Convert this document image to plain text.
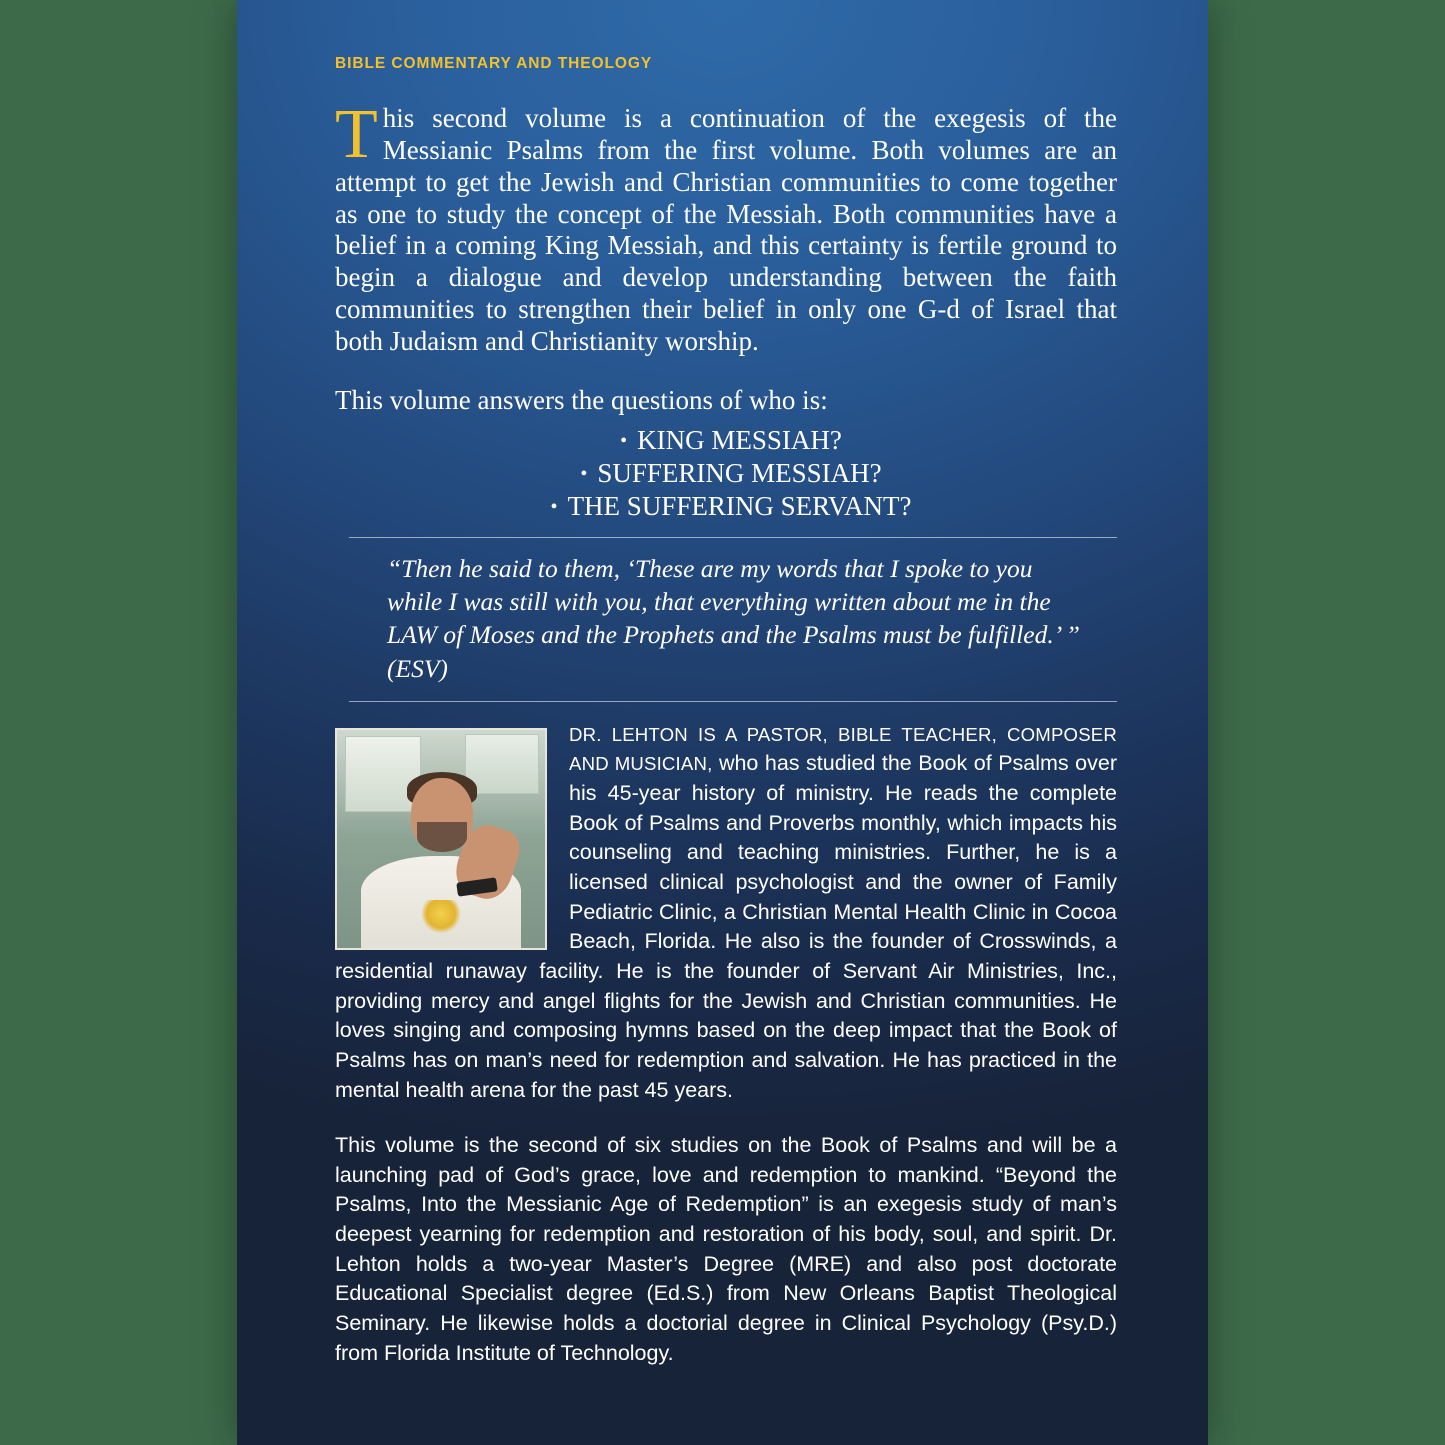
BIBLE COMMENTARY AND THEOLOGY
This second volume is a continuation of the exegesis of the Messianic Psalms from the first volume. Both volumes are an attempt to get the Jewish and Christian communities to come together as one to study the concept of the Messiah. Both communities have a belief in a coming King Messiah, and this certainty is fertile ground to begin a dialogue and develop understanding between the faith communities to strengthen their belief in only one G-d of Israel that both Judaism and Christianity worship.
This volume answers the questions of who is:
• KING MESSIAH?
• SUFFERING MESSIAH?
• THE SUFFERING SERVANT?
“Then he said to them, ‘These are my words that I spoke to you while I was still with you, that everything written about me in the LAW of Moses and the Prophets and the Psalms must be fulfilled.’ ” (ESV)
DR. LEHTON IS A PASTOR, BIBLE TEACHER, COMPOSER AND MUSICIAN, who has studied the Book of Psalms over his 45-year history of ministry. He reads the complete Book of Psalms and Proverbs monthly, which impacts his counseling and teaching ministries. Further, he is a licensed clinical psychologist and the owner of Family Pediatric Clinic, a Christian Mental Health Clinic in Cocoa Beach, Florida. He also is the founder of Crosswinds, a residential runaway facility. He is the founder of Servant Air Ministries, Inc., providing mercy and angel flights for the Jewish and Christian communities. He loves singing and composing hymns based on the deep impact that the Book of Psalms has on man’s need for redemption and salvation. He has practiced in the mental health arena for the past 45 years.
This volume is the second of six studies on the Book of Psalms and will be a launching pad of God’s grace, love and redemption to mankind. “Beyond the Psalms, Into the Messianic Age of Redemption” is an exegesis study of man’s deepest yearning for redemption and restoration of his body, soul, and spirit. Dr. Lehton holds a two-year Master’s Degree (MRE) and also post doctorate Educational Specialist degree (Ed.S.) from New Orleans Baptist Theological Seminary. He likewise holds a doctorial degree in Clinical Psychology (Psy.D.) from Florida Institute of Technology.
